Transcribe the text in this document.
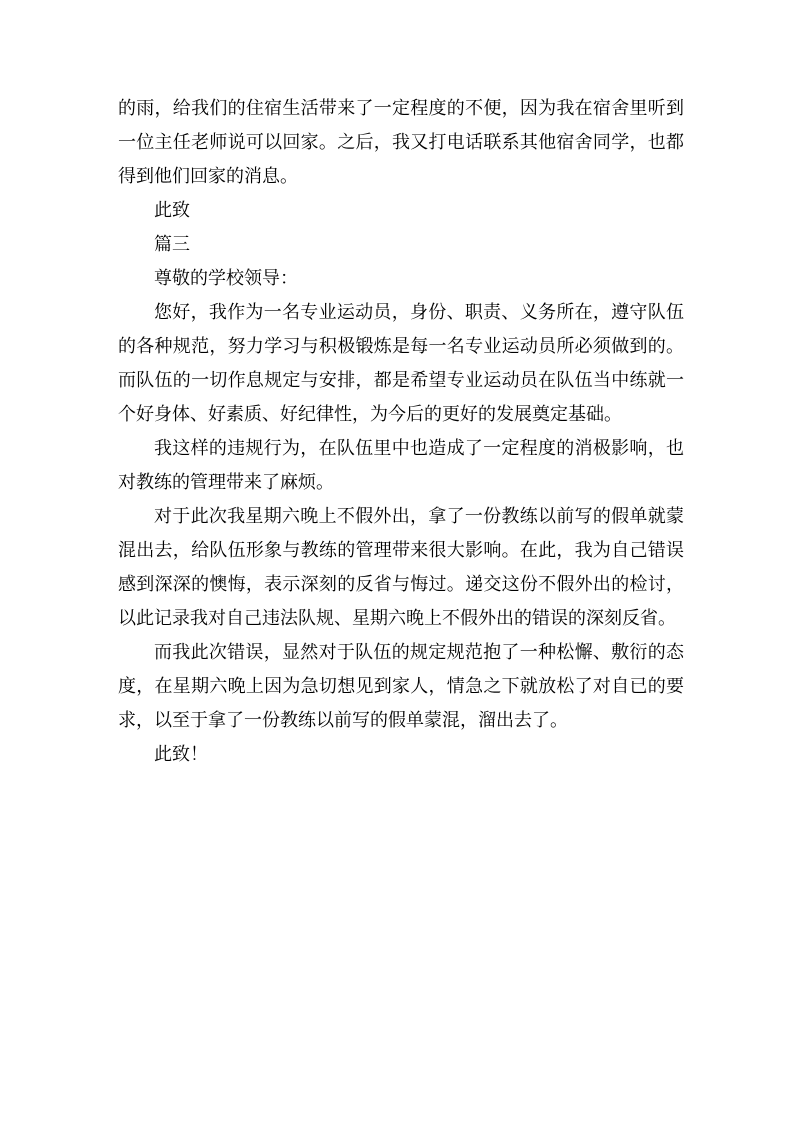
的雨，给我们的住宿生活带来了一定程度的不便，因为我在宿舍里听到一位主任老师说可以回家。之后，我又打电话联系其他宿舍同学，也都得到他们回家的消息。

此致

篇三

尊敬的学校领导：

您好，我作为一名专业运动员，身份、职责、义务所在，遵守队伍的各种规范，努力学习与积极锻炼是每一名专业运动员所必须做到的。而队伍的一切作息规定与安排，都是希望专业运动员在队伍当中练就一个好身体、好素质、好纪律性，为今后的更好的发展奠定基础。

我这样的违规行为，在队伍里中也造成了一定程度的消极影响，也对教练的管理带来了麻烦。

对于此次我星期六晚上不假外出，拿了一份教练以前写的假单就蒙混出去，给队伍形象与教练的管理带来很大影响。在此，我为自己错误感到深深的懊悔，表示深刻的反省与悔过。递交这份不假外出的检讨，以此记录我对自己违法队规、星期六晚上不假外出的错误的深刻反省。

而我此次错误，显然对于队伍的规定规范抱了一种松懈、敷衍的态度，在星期六晚上因为急切想见到家人，情急之下就放松了对自已的要求，以至于拿了一份教练以前写的假单蒙混，溜出去了。

此致！
